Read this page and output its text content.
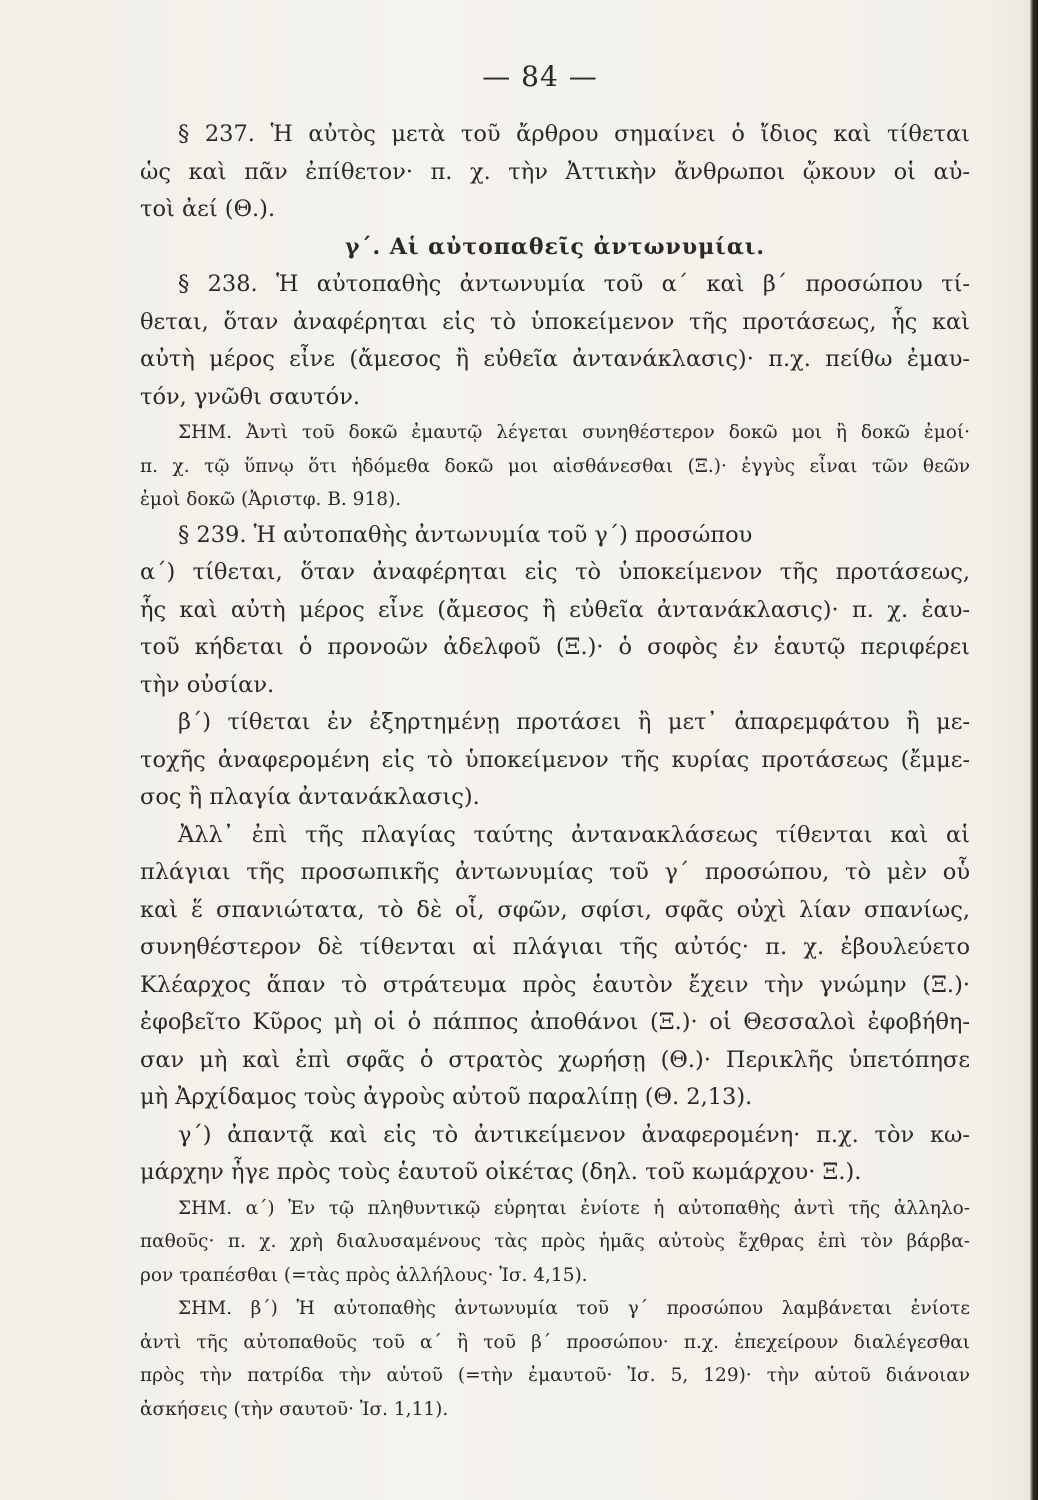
— 84 —
§ 237. Ἡ αὐτὸς μετὰ τοῦ ἄρθρου σημαίνει ὁ ἴδιος καὶ τίθεται
ὡς καὶ πᾶν ἐπίθετον· π. χ. τὴν Ἀττικὴν ἄνθρωποι ᾤκουν οἱ αὐ-
τοὶ ἀεί (Θ.).
γ΄. Αἱ αὐτοπαθεῖς ἀντωνυμίαι.
§ 238. Ἡ αὐτοπαθὴς ἀντωνυμία τοῦ α΄ καὶ β΄ προσώπου τί-
θεται, ὅταν ἀναφέρηται εἰς τὸ ὑποκείμενον τῆς προτάσεως, ἧς καὶ
αὐτὴ μέρος εἶνε (ἄμεσος ἢ εὐθεῖα ἀντανάκλασις)· π.χ. πείθω ἐμαυ-
τόν, γνῶθι σαυτόν.
ΣΗΜ. Ἀντὶ τοῦ δοκῶ ἐμαυτῷ λέγεται συνηθέστερον δοκῶ μοι ἢ δοκῶ ἐμοί·
π. χ. τῷ ὕπνῳ ὅτι ἡδόμεθα δοκῶ μοι αἰσθάνεσθαι (Ξ.)· ἐγγὺς εἶναι τῶν θεῶν
ἐμοὶ δοκῶ (Ἀριστφ. Β. 918).
§ 239. Ἡ αὐτοπαθὴς ἀντωνυμία τοῦ γ΄) προσώπου
α΄) τίθεται, ὅταν ἀναφέρηται εἰς τὸ ὑποκείμενον τῆς προτάσεως,
ἧς καὶ αὐτὴ μέρος εἶνε (ἄμεσος ἢ εὐθεῖα ἀντανάκλασις)· π. χ. ἑαυ-
τοῦ κήδεται ὁ προνοῶν ἀδελφοῦ (Ξ.)· ὁ σοφὸς ἐν ἑαυτῷ περιφέρει
τὴν οὐσίαν.
β΄) τίθεται ἐν ἐξηρτημένῃ προτάσει ἢ μετ᾽ ἀπαρεμφάτου ἢ με-
τοχῆς ἀναφερομένη εἰς τὸ ὑποκείμενον τῆς κυρίας προτάσεως (ἔμμε-
σος ἢ πλαγία ἀντανάκλασις).
Ἀλλ᾽ ἐπὶ τῆς πλαγίας ταύτης ἀντανακλάσεως τίθενται καὶ αἱ
πλάγιαι τῆς προσωπικῆς ἀντωνυμίας τοῦ γ΄ προσώπου, τὸ μὲν οὗ
καὶ ἕ σπανιώτατα, τὸ δὲ οἷ, σφῶν, σφίσι, σφᾶς οὐχὶ λίαν σπανίως,
συνηθέστερον δὲ τίθενται αἱ πλάγιαι τῆς αὐτός· π. χ. ἐβουλεύετο
Κλέαρχος ἅπαν τὸ στράτευμα πρὸς ἑαυτὸν ἔχειν τὴν γνώμην (Ξ.)·
ἐφοβεῖτο Κῦρος μὴ οἱ ὁ πάππος ἀποθάνοι (Ξ.)· οἱ Θεσσαλοὶ ἐφοβήθη-
σαν μὴ καὶ ἐπὶ σφᾶς ὁ στρατὸς χωρήσῃ (Θ.)· Περικλῆς ὑπετόπησε
μὴ Ἀρχίδαμος τοὺς ἀγροὺς αὐτοῦ παραλίπῃ (Θ. 2,13).
γ΄) ἀπαντᾷ καὶ εἰς τὸ ἀντικείμενον ἀναφερομένη· π.χ. τὸν κω-
μάρχην ἦγε πρὸς τοὺς ἑαυτοῦ οἰκέτας (δηλ. τοῦ κωμάρχου· Ξ.).
ΣΗΜ. α΄) Ἐν τῷ πληθυντικῷ εὑρηται ἐνίοτε ἡ αὐτοπαθὴς ἀντὶ τῆς ἀλληλο-
παθοῦς· π. χ. χρὴ διαλυσαμένους τὰς πρὸς ἡμᾶς αὐτοὺς ἔχθρας ἐπὶ τὸν βάρβα-
ρον τραπέσθαι (=τὰς πρὸς ἀλλήλους· Ἰσ. 4,15).
ΣΗΜ. β΄) Ἡ αὐτοπαθὴς ἀντωνυμία τοῦ γ΄ προσώπου λαμβάνεται ἐνίοτε
ἀντὶ τῆς αὐτοπαθοῦς τοῦ α΄ ἢ τοῦ β΄ προσώπου· π.χ. ἐπεχείρουν διαλέγεσθαι
πρὸς τὴν πατρίδα τὴν αὑτοῦ (=τὴν ἐμαυτοῦ· Ἰσ. 5, 129)· τὴν αὑτοῦ διάνοιαν
ἀσκήσεις (τὴν σαυτοῦ· Ἰσ. 1,11).
